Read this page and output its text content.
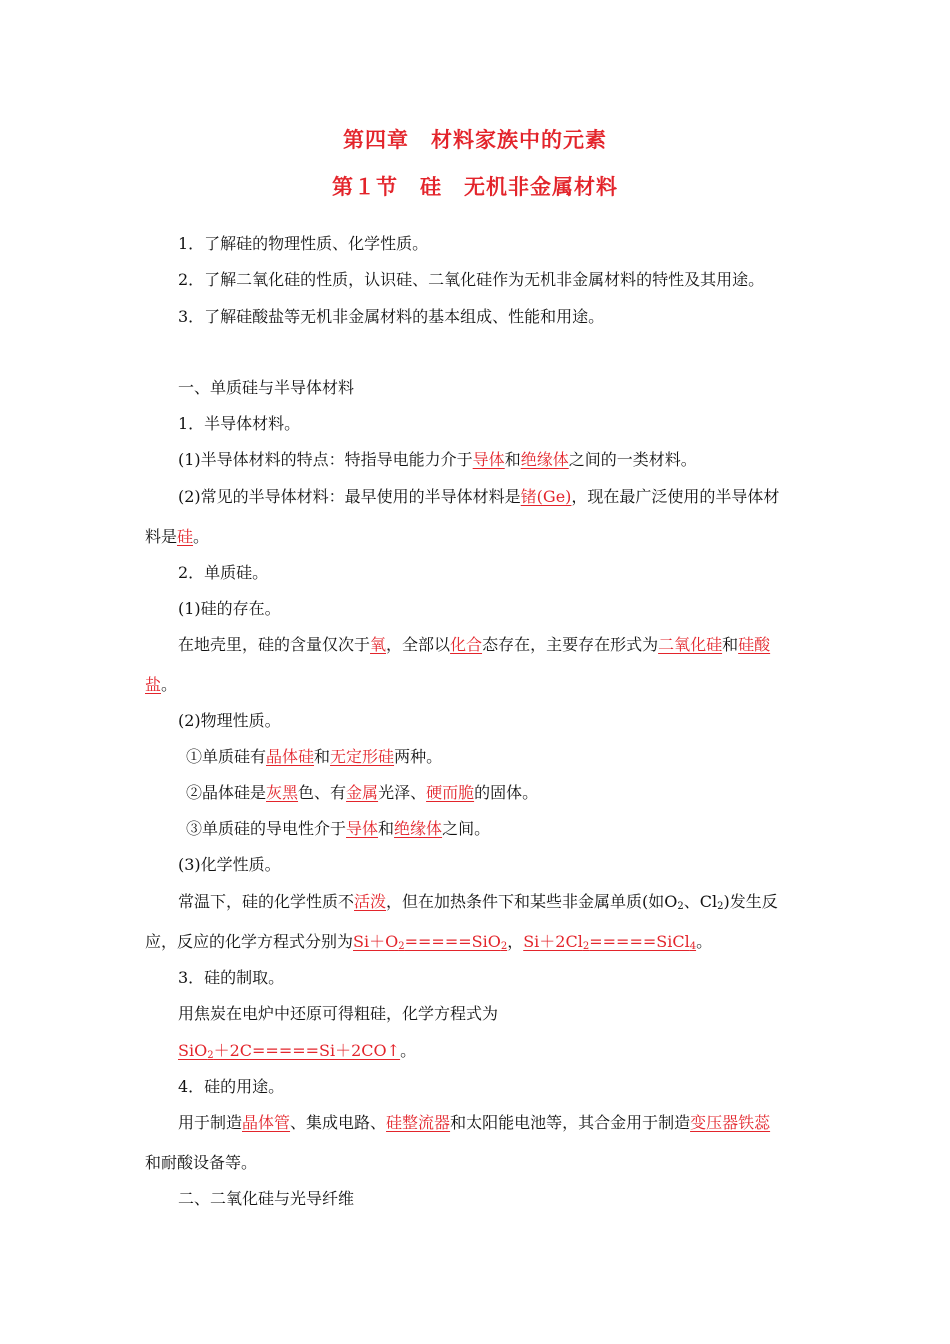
第四章　材料家族中的元素
第１节　硅　无机非金属材料
1．了解硅的物理性质、化学性质。
2．了解二氧化硅的性质，认识硅、二氧化硅作为无机非金属材料的特性及其用途。
3．了解硅酸盐等无机非金属材料的基本组成、性能和用途。
一、单质硅与半导体材料
1．半导体材料。
(1)半导体材料的特点：特指导电能力介于导体和绝缘体之间的一类材料。
(2)常见的半导体材料：最早使用的半导体材料是锗(Ge)，现在最广泛使用的半导体材
料是硅。
2．单质硅。
(1)硅的存在。
在地壳里，硅的含量仅次于氧，全部以化合态存在，主要存在形式为二氧化硅和硅酸
盐。
(2)物理性质。
①单质硅有晶体硅和无定形硅两种。
②晶体硅是灰黑色、有金属光泽、硬而脆的固体。
③单质硅的导电性介于导体和绝缘体之间。
(3)化学性质。
常温下，硅的化学性质不活泼，但在加热条件下和某些非金属单质(如$O_2$、$Cl_2$)发生反
应，反应的化学方程式分别为$Si+O_2=====SiO_2$，$Si+2Cl_2=====SiCl_4$。
3．硅的制取。
用焦炭在电炉中还原可得粗硅，化学方程式为
SiO$_2$＋2C=====Si＋2CO↑。
4．硅的用途。
用于制造晶体管、集成电路、硅整流器和太阳能电池等，其合金用于制造变压器铁蕊
和耐酸设备等。
二、二氧化硅与光导纤维
